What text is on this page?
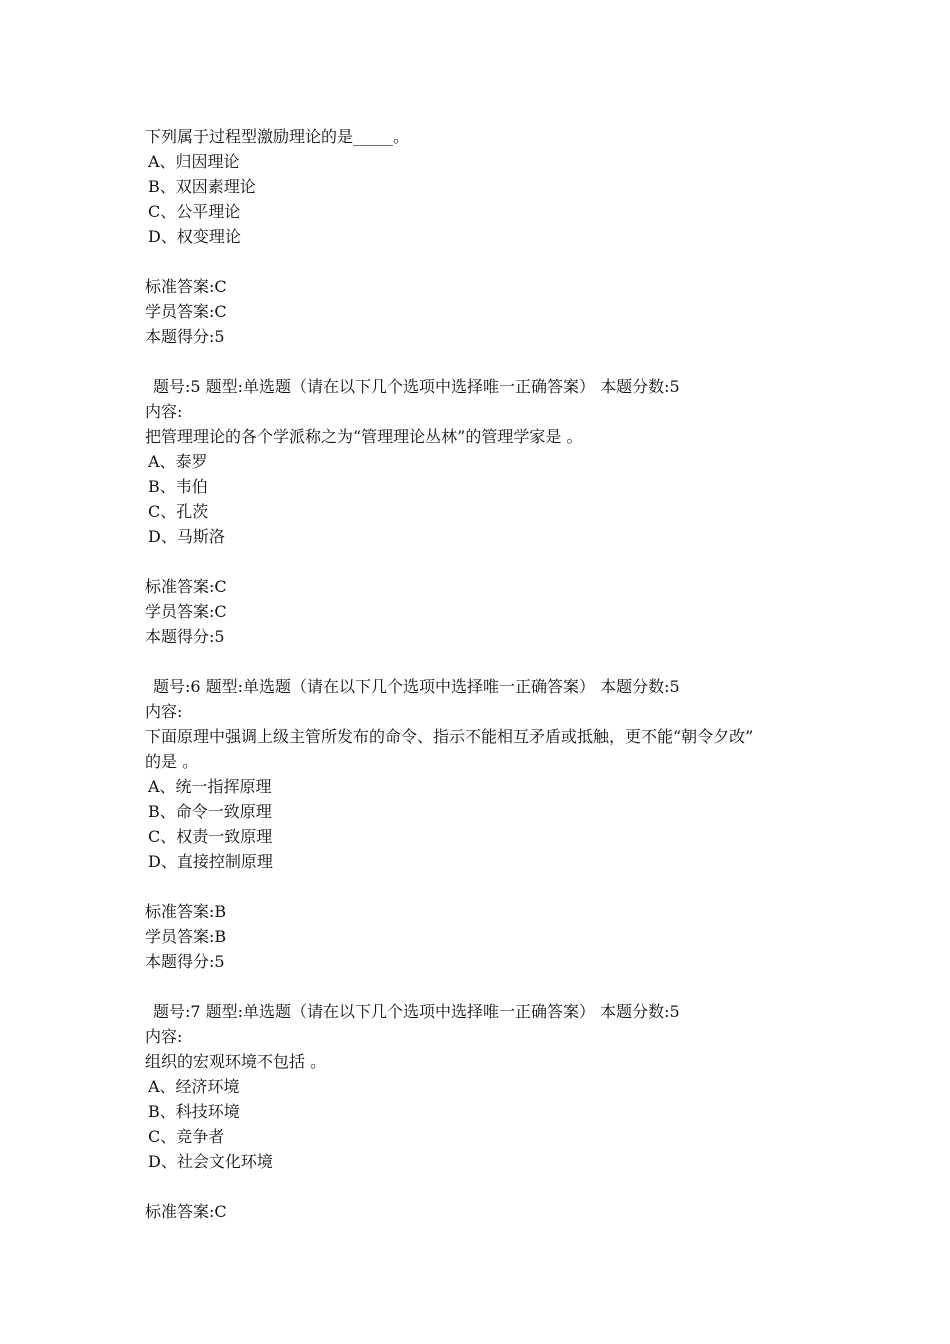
下列属于过程型激励理论的是_____。
A、归因理论
B、双因素理论
C、公平理论
D、权变理论
标准答案:C
学员答案:C
本题得分:5
题号:5 题型:单选题（请在以下几个选项中选择唯一正确答案） 本题分数:5
内容:
把管理理论的各个学派称之为“管理理论丛林”的管理学家是 。
A、泰罗
B、韦伯
C、孔茨
D、马斯洛
标准答案:C
学员答案:C
本题得分:5
题号:6 题型:单选题（请在以下几个选项中选择唯一正确答案） 本题分数:5
内容:
下面原理中强调上级主管所发布的命令、指示不能相互矛盾或抵触，更不能“朝令夕改”
的是 。
A、统一指挥原理
B、命令一致原理
C、权责一致原理
D、直接控制原理
标准答案:B
学员答案:B
本题得分:5
题号:7 题型:单选题（请在以下几个选项中选择唯一正确答案） 本题分数:5
内容:
组织的宏观环境不包括 。
A、经济环境
B、科技环境
C、竞争者
D、社会文化环境
标准答案:C
